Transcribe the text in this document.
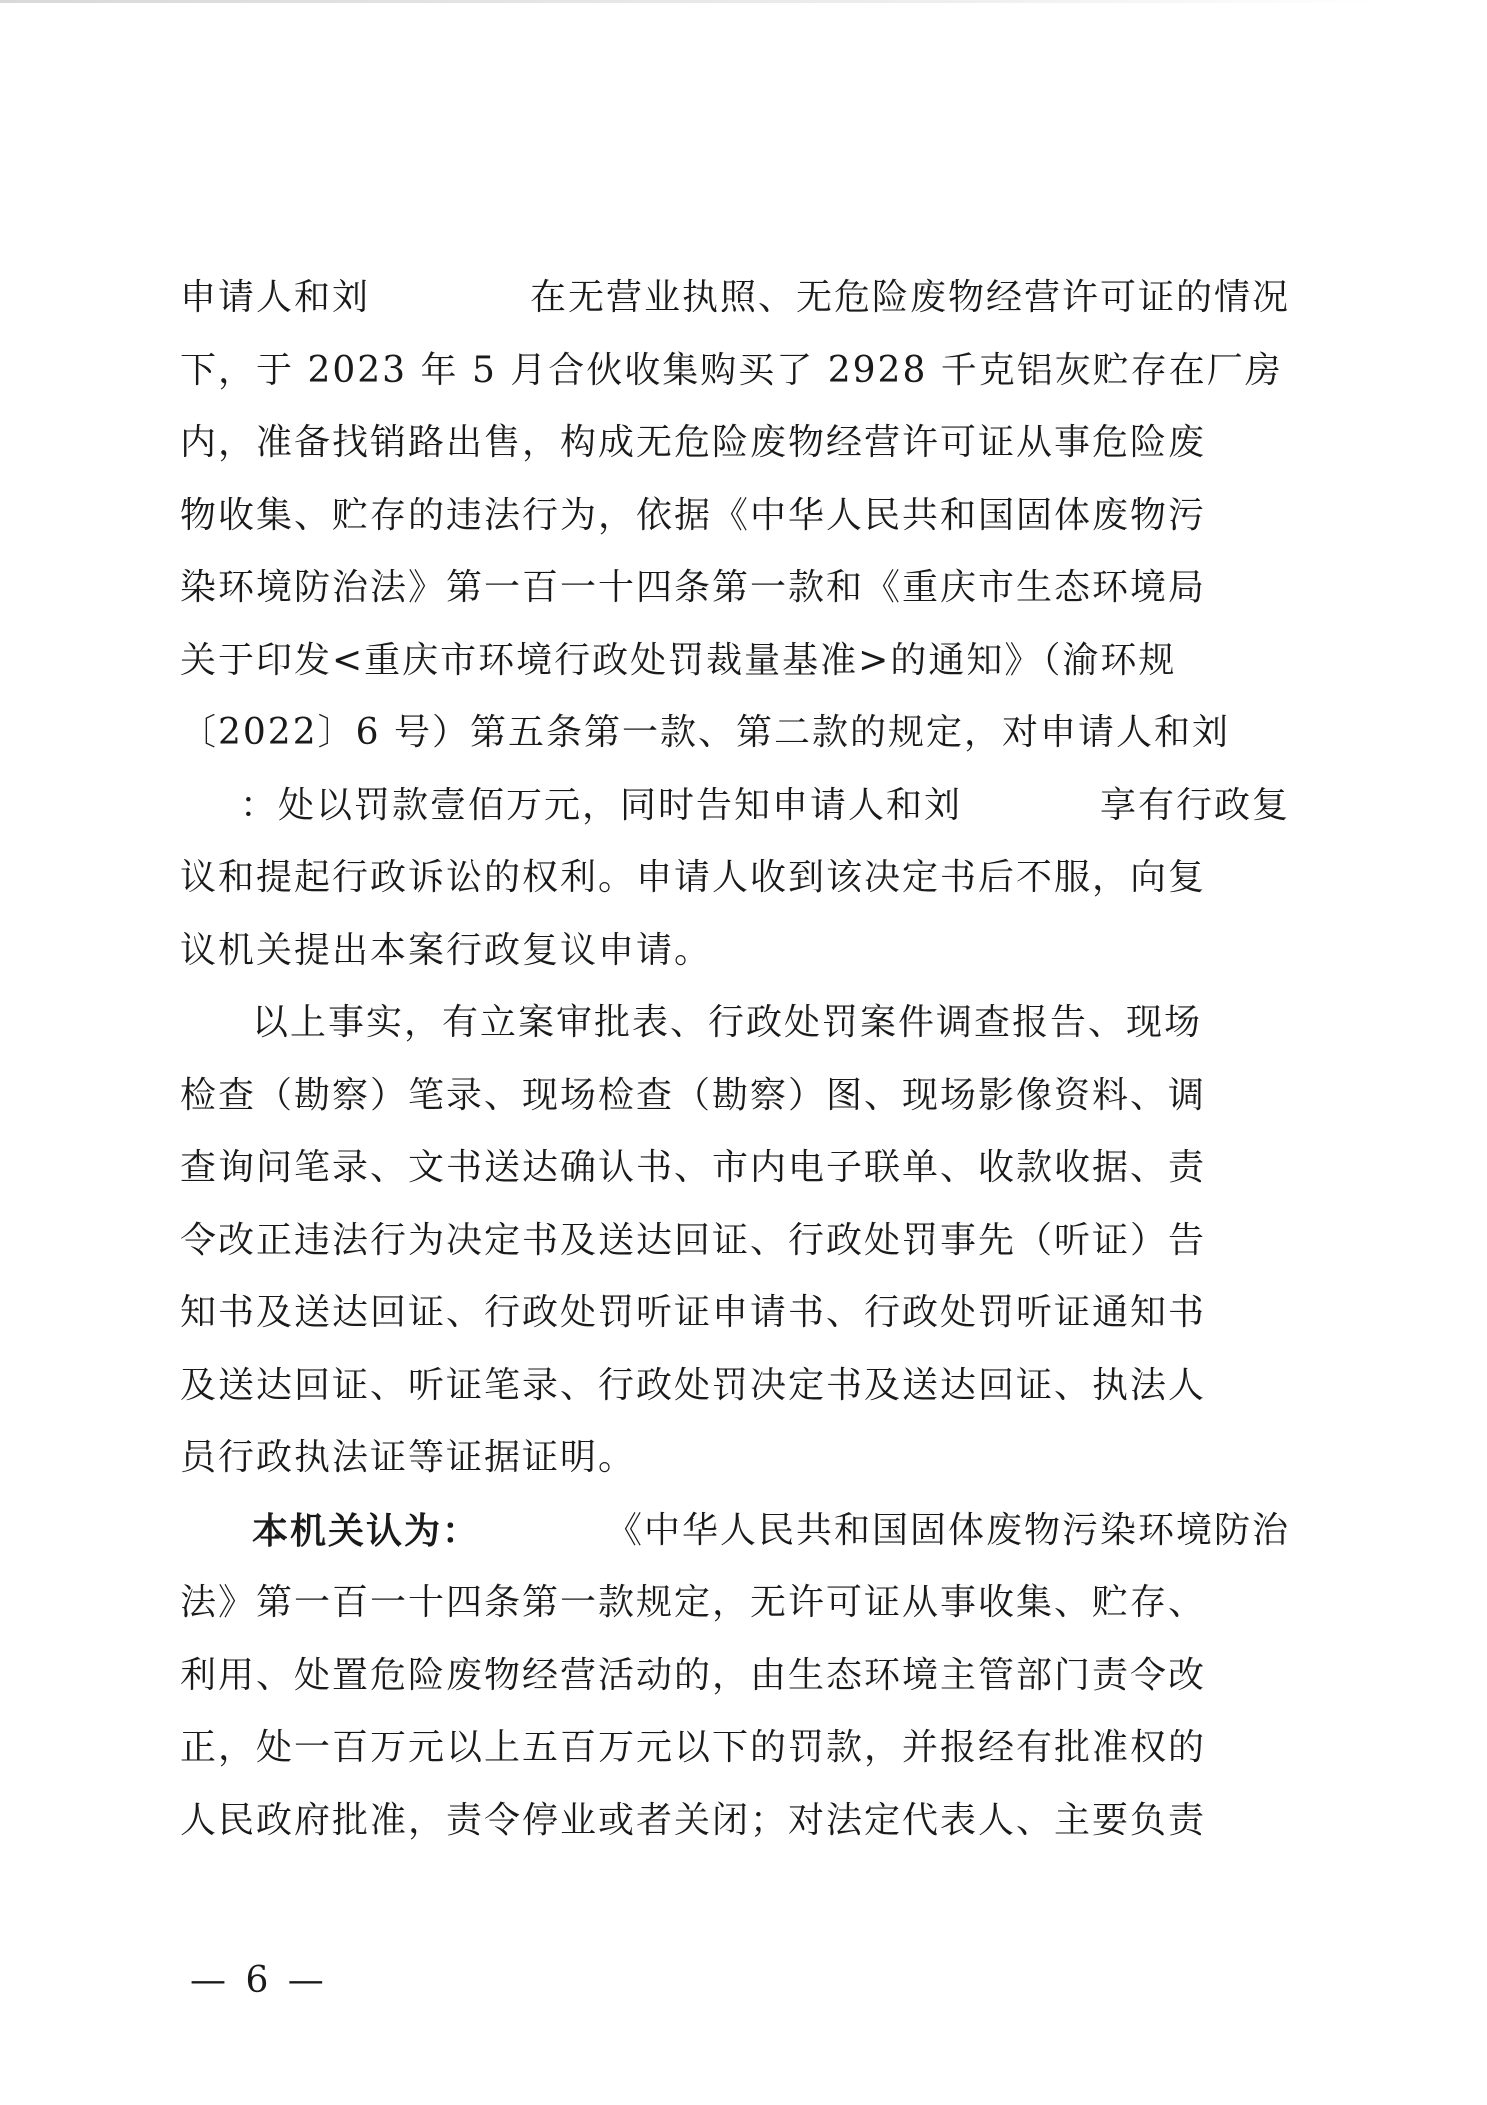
申请人和刘	在无营业执照、无危险废物经营许可证的情况
下，于 2023 年 5 月合伙收集购买了 2928 千克铝灰贮存在厂房
内，准备找销路出售，构成无危险废物经营许可证从事危险废
物收集、贮存的违法行为，依据《中华人民共和国固体废物污
染环境防治法》第一百一十四条第一款和《重庆市生态环境局
关于印发<重庆市环境行政处罚裁量基准>的通知》（渝环规
〔2022〕6 号）第五条第一款、第二款的规定，对申请人和刘
：处以罚款壹佰万元，同时告知申请人和刘	享有行政复
议和提起行政诉讼的权利。申请人收到该决定书后不服，向复
议机关提出本案行政复议申请。
以上事实，有立案审批表、行政处罚案件调查报告、现场
检查（勘察）笔录、现场检查（勘察）图、现场影像资料、调
查询问笔录、文书送达确认书、市内电子联单、收款收据、责
令改正违法行为决定书及送达回证、行政处罚事先（听证）告
知书及送达回证、行政处罚听证申请书、行政处罚听证通知书
及送达回证、听证笔录、行政处罚决定书及送达回证、执法人
员行政执法证等证据证明。
本机关认为：	《中华人民共和国固体废物污染环境防治
法》第一百一十四条第一款规定，无许可证从事收集、贮存、
利用、处置危险废物经营活动的，由生态环境主管部门责令改
正，处一百万元以上五百万元以下的罚款，并报经有批准权的
人民政府批准，责令停业或者关闭；对法定代表人、主要负责
— 6 —
